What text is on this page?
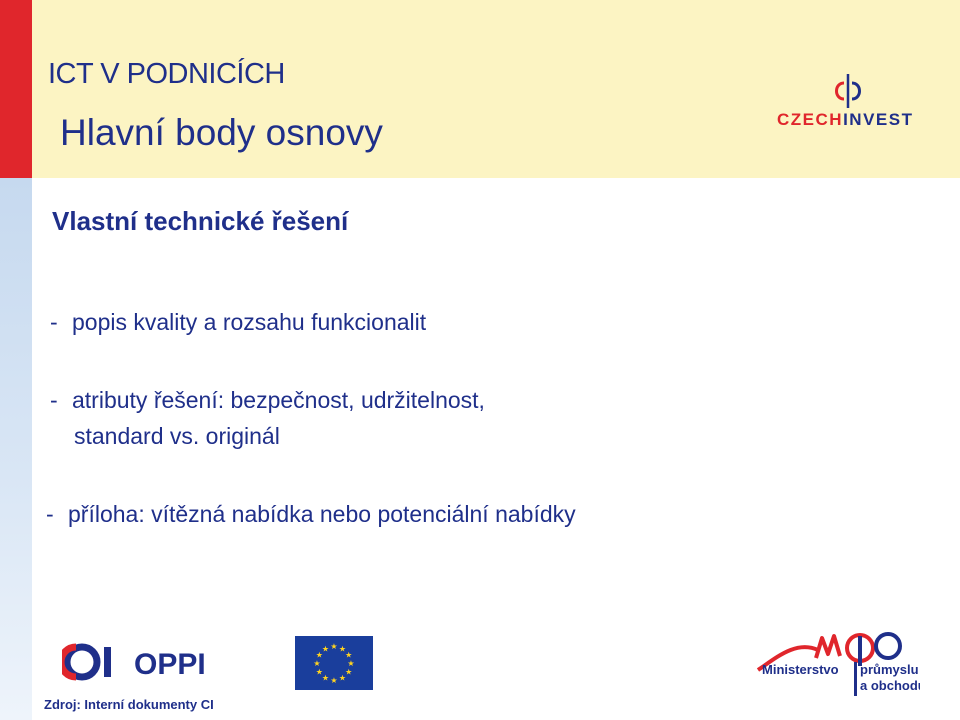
ICT V PODNICÍCH
Hlavní body osnovy	CZECHINVEST
Vlastní technické řešení
- popis kvality a rozsahu funkcionalit
- atributy řešení: bezpečnost, udržitelnost,
standard vs. originál
- příloha: vítězná nabídka nebo potenciální nabídky
OPPI
★ ★
★
★
★
★
★
★
★
★
★
★
Ministerstvo průmyslu
a obchodu
Zdroj: Interní dokumenty CI
